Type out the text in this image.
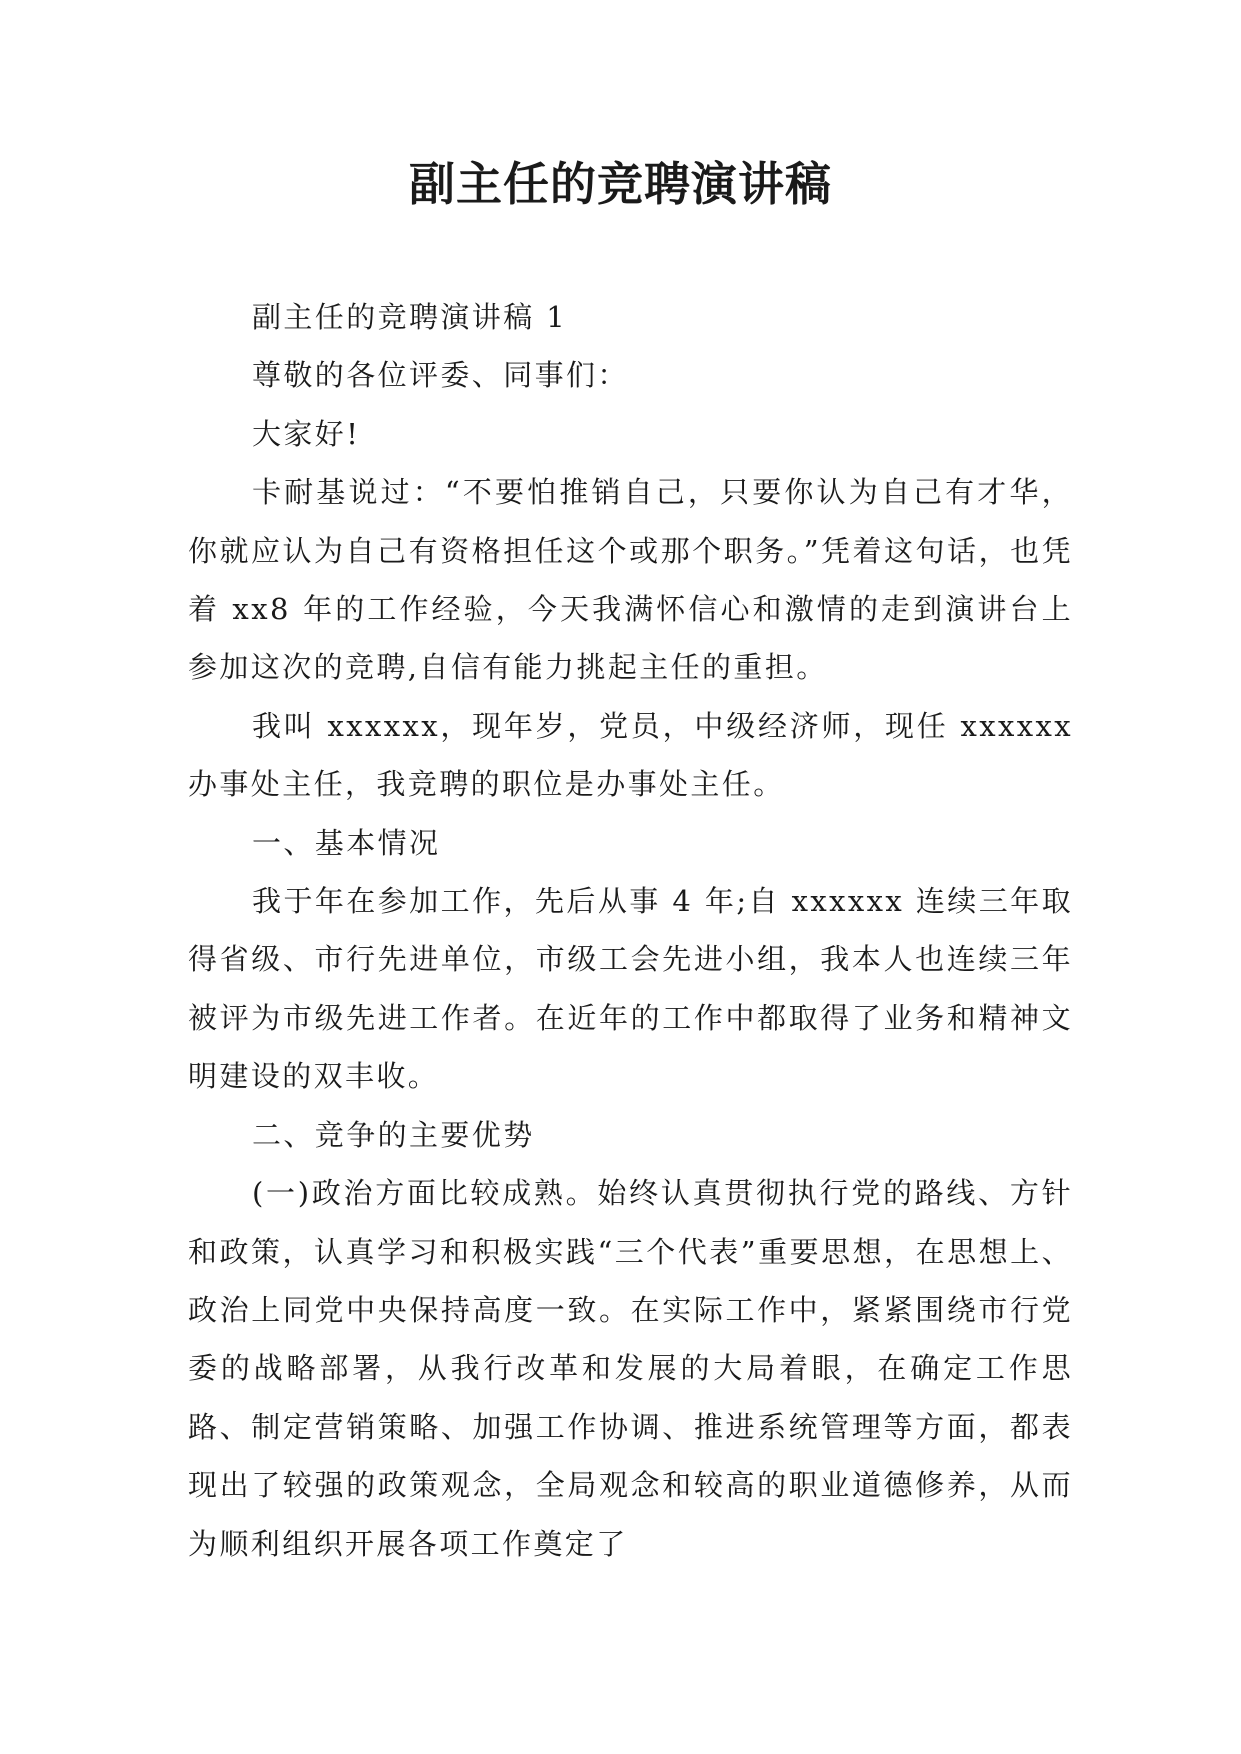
副主任的竞聘演讲稿

副主任的竞聘演讲稿 1

尊敬的各位评委、同事们：

大家好!

卡耐基说过：“不要怕推销自己，只要你认为自己有才华，你就应认为自己有资格担任这个或那个职务。”凭着这句话，也凭着 xx8 年的工作经验，今天我满怀信心和激情的走到演讲台上参加这次的竞聘,自信有能力挑起主任的重担。

我叫 xxxxxx，现年岁，党员，中级经济师，现任 xxxxxx 办事处主任，我竞聘的职位是办事处主任。

一、基本情况

我于年在参加工作，先后从事 4 年;自 xxxxxx 连续三年取得省级、市行先进单位，市级工会先进小组，我本人也连续三年被评为市级先进工作者。在近年的工作中都取得了业务和精神文明建设的双丰收。

二、竞争的主要优势

(一)政治方面比较成熟。始终认真贯彻执行党的路线、方针和政策，认真学习和积极实践“三个代表”重要思想，在思想上、政治上同党中央保持高度一致。在实际工作中，紧紧围绕市行党委的战略部署，从我行改革和发展的大局着眼，在确定工作思路、制定营销策略、加强工作协调、推进系统管理等方面，都表现出了较强的政策观念，全局观念和较高的职业道德修养，从而为顺利组织开展各项工作奠定了
